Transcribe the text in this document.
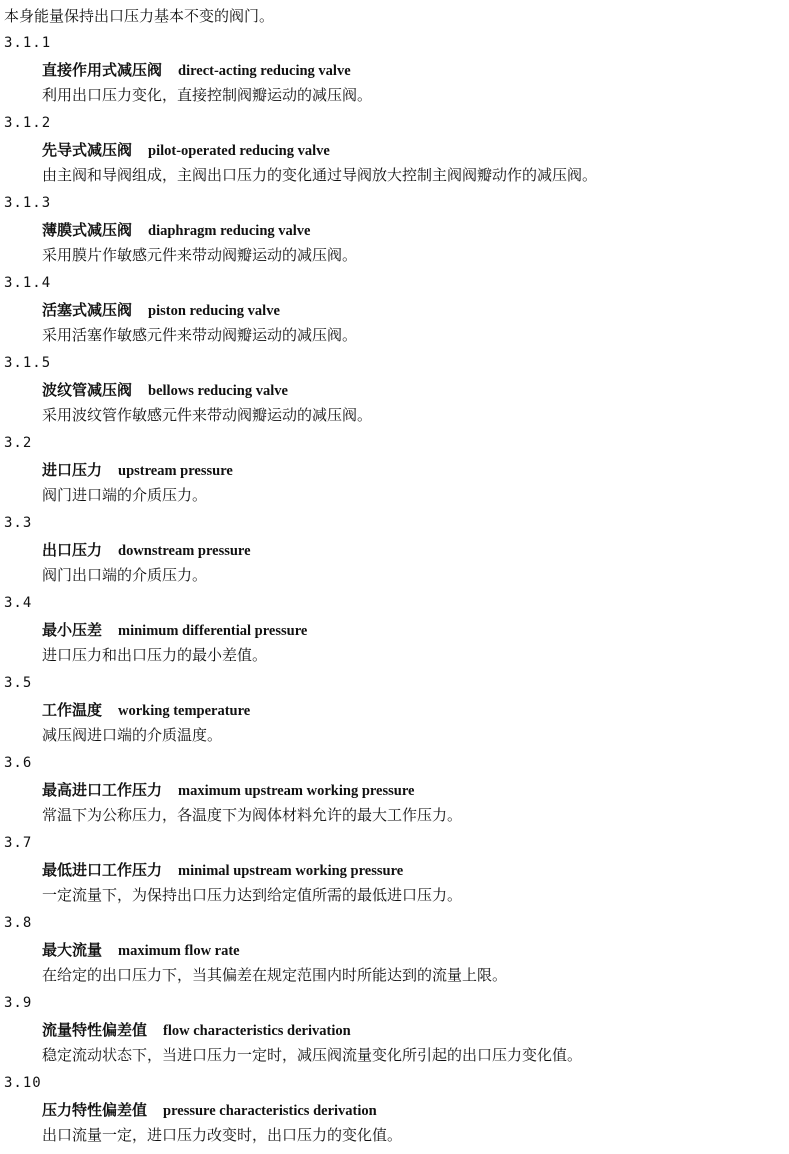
本身能量保持出口压力基本不变的阀门。
3.1.1
直接作用式减压阀 direct-acting reducing valve
利用出口压力变化，直接控制阀瓣运动的减压阀。
3.1.2
先导式减压阀 pilot-operated reducing valve
由主阀和导阀组成，主阀出口压力的变化通过导阀放大控制主阀阀瓣动作的减压阀。
3.1.3
薄膜式减压阀 diaphragm reducing valve
采用膜片作敏感元件来带动阀瓣运动的减压阀。
3.1.4
活塞式减压阀 piston reducing valve
采用活塞作敏感元件来带动阀瓣运动的减压阀。
3.1.5
波纹管减压阀 bellows reducing valve
采用波纹管作敏感元件来带动阀瓣运动的减压阀。
3.2
进口压力 upstream pressure
阀门进口端的介质压力。
3.3
出口压力 downstream pressure
阀门出口端的介质压力。
3.4
最小压差 minimum differential pressure
进口压力和出口压力的最小差值。
3.5
工作温度 working temperature
减压阀进口端的介质温度。
3.6
最高进口工作压力 maximum upstream working pressure
常温下为公称压力，各温度下为阀体材料允许的最大工作压力。
3.7
最低进口工作压力 minimal upstream working pressure
一定流量下，为保持出口压力达到给定值所需的最低进口压力。
3.8
最大流量 maximum flow rate
在给定的出口压力下，当其偏差在规定范围内时所能达到的流量上限。
3.9
流量特性偏差值 flow characteristics derivation
稳定流动状态下，当进口压力一定时，减压阀流量变化所引起的出口压力变化值。
3.10
压力特性偏差值 pressure characteristics derivation
出口流量一定，进口压力改变时，出口压力的变化值。
